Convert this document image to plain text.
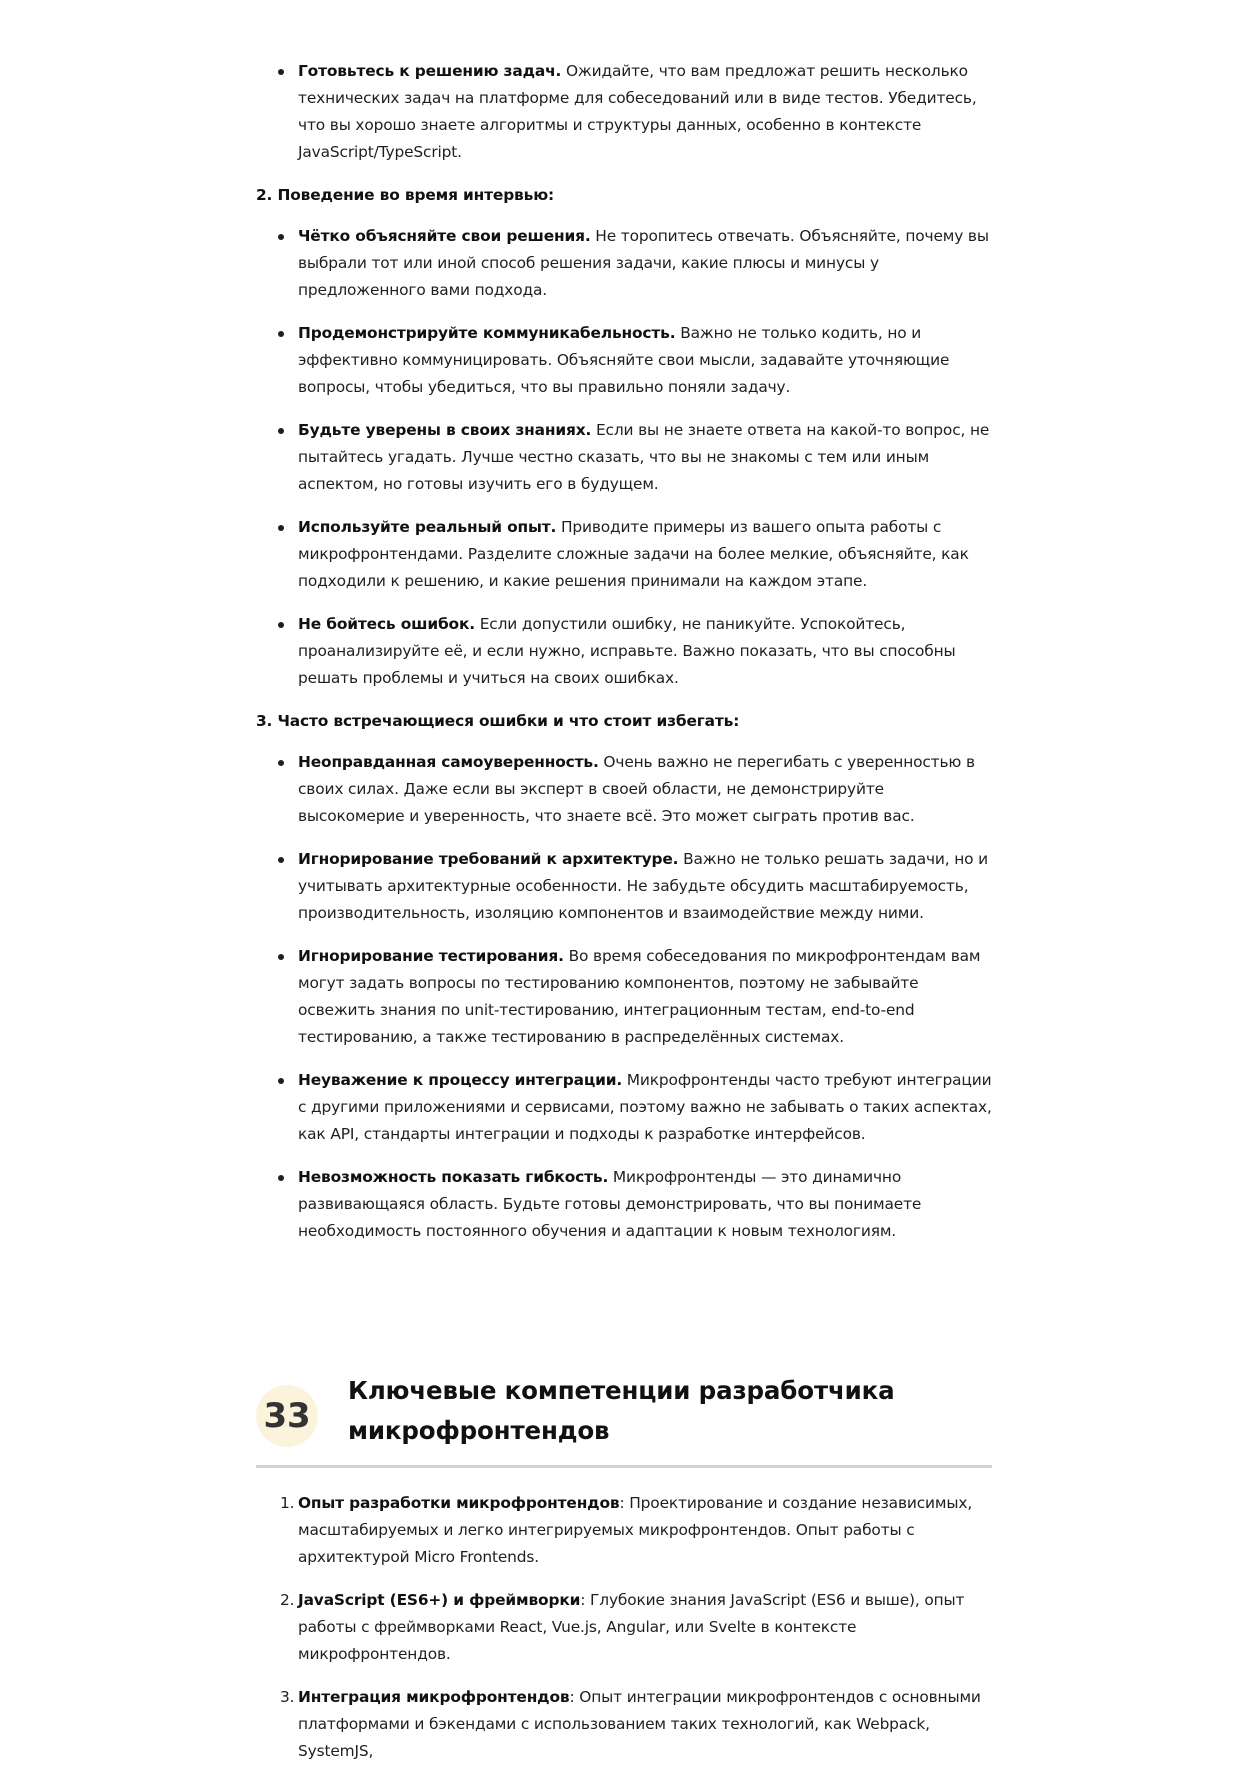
Готовьтесь к решению задач. Ожидайте, что вам предложат решить несколько технических задач на платформе для собеседований или в виде тестов. Убедитесь, что вы хорошо знаете алгоритмы и структуры данных, особенно в контексте JavaScript/TypeScript.
2. Поведение во время интервью:
Чётко объясняйте свои решения. Не торопитесь отвечать. Объясняйте, почему вы выбрали тот или иной способ решения задачи, какие плюсы и минусы у предложенного вами подхода.
Продемонстрируйте коммуникабельность. Важно не только кодить, но и эффективно коммуницировать. Объясняйте свои мысли, задавайте уточняющие вопросы, чтобы убедиться, что вы правильно поняли задачу.
Будьте уверены в своих знаниях. Если вы не знаете ответа на какой-то вопрос, не пытайтесь угадать. Лучше честно сказать, что вы не знакомы с тем или иным аспектом, но готовы изучить его в будущем.
Используйте реальный опыт. Приводите примеры из вашего опыта работы с микрофронтендами. Разделите сложные задачи на более мелкие, объясняйте, как подходили к решению, и какие решения принимали на каждом этапе.
Не бойтесь ошибок. Если допустили ошибку, не паникуйте. Успокойтесь, проанализируйте её, и если нужно, исправьте. Важно показать, что вы способны решать проблемы и учиться на своих ошибках.
3. Часто встречающиеся ошибки и что стоит избегать:
Неоправданная самоуверенность. Очень важно не перегибать с уверенностью в своих силах. Даже если вы эксперт в своей области, не демонстрируйте высокомерие и уверенность, что знаете всё. Это может сыграть против вас.
Игнорирование требований к архитектуре. Важно не только решать задачи, но и учитывать архитектурные особенности. Не забудьте обсудить масштабируемость, производительность, изоляцию компонентов и взаимодействие между ними.
Игнорирование тестирования. Во время собеседования по микрофронтендам вам могут задать вопросы по тестированию компонентов, поэтому не забывайте освежить знания по unit-тестированию, интеграционным тестам, end-to-end тестированию, а также тестированию в распределённых системах.
Неуважение к процессу интеграции. Микрофронтенды часто требуют интеграции с другими приложениями и сервисами, поэтому важно не забывать о таких аспектах, как API, стандарты интеграции и подходы к разработке интерфейсов.
Невозможность показать гибкость. Микрофронтенды — это динамично развивающаяся область. Будьте готовы демонстрировать, что вы понимаете необходимость постоянного обучения и адаптации к новым технологиям.
33
Ключевые компетенции разработчика микрофронтендов
1. Опыт разработки микрофронтендов: Проектирование и создание независимых, масштабируемых и легко интегрируемых микрофронтендов. Опыт работы с архитектурой Micro Frontends.
2. JavaScript (ES6+) и фреймворки: Глубокие знания JavaScript (ES6 и выше), опыт работы с фреймворками React, Vue.js, Angular, или Svelte в контексте микрофронтендов.
3. Интеграция микрофронтендов: Опыт интеграции микрофронтендов с основными платформами и бэкендами с использованием таких технологий, как Webpack, SystemJS,
